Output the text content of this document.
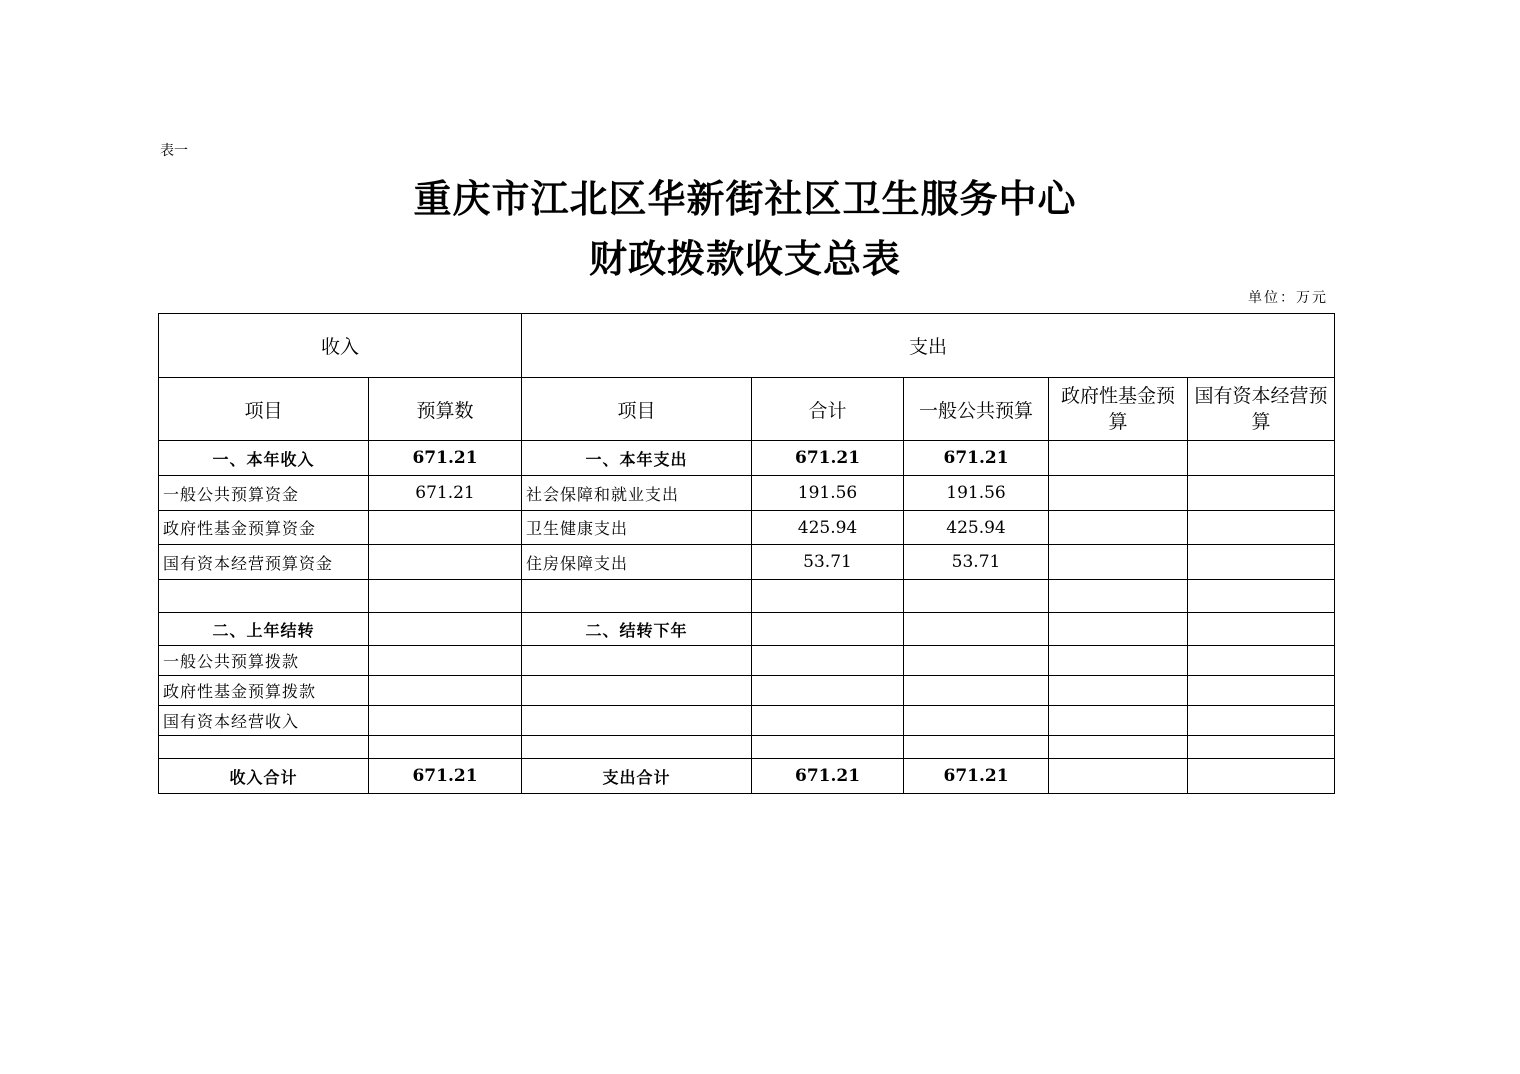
表一
重庆市江北区华新街社区卫生服务中心
财政拨款收支总表
单位：万元
收入		支出				
项目	预算数	项目	合计	一般公共预算	政府性基金预算	国有资本经营预算
一、本年收入	671.21	一、本年支出	671.21	671.21		
一般公共预算资金	671.21	社会保障和就业支出	191.56	191.56		
政府性基金预算资金		卫生健康支出	425.94	425.94		
国有资本经营预算资金		住房保障支出	53.71	53.71		

二、上年结转		二、结转下年				
一般公共预算拨款						
政府性基金预算拨款						
国有资本经营收入						

收入合计	671.21	支出合计	671.21	671.21		
